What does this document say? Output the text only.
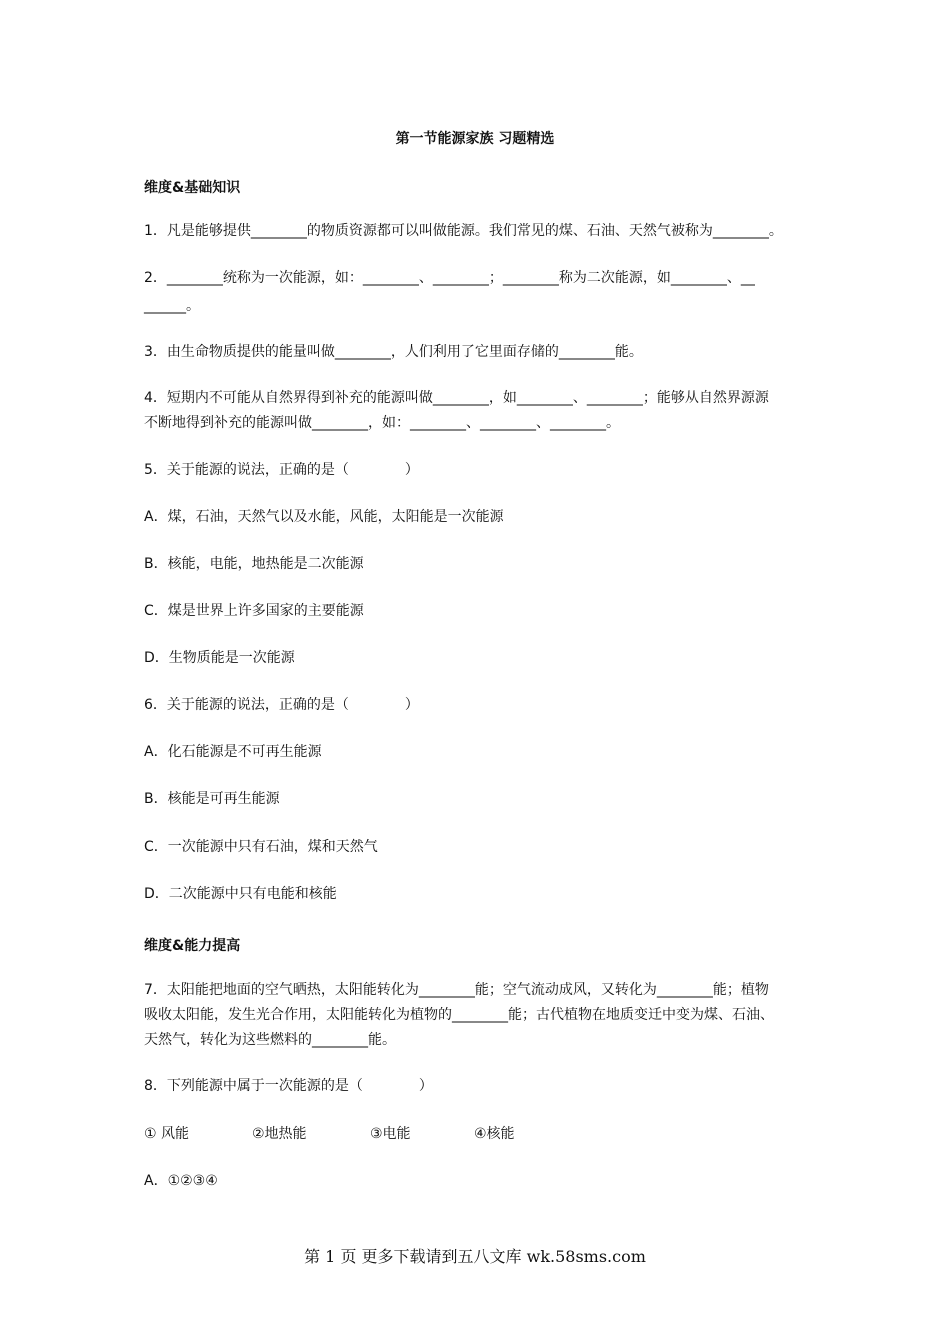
第一节能源家族 习题精选
维度&基础知识
1．凡是能够提供________的物质资源都可以叫做能源。我们常见的煤、石油、天然气被称为________。
2．________统称为一次能源，如：________、________；________称为二次能源，如________、__
______。
3．由生命物质提供的能量叫做________，人们利用了它里面存储的________能。
4．短期内不可能从自然界得到补充的能源叫做________，如________、________；能够从自然界源源
不断地得到补充的能源叫做________，如：________、________、________。
5．关于能源的说法，正确的是（　　　　）
A．煤，石油，天然气以及水能，风能，太阳能是一次能源
B．核能，电能，地热能是二次能源
C．煤是世界上许多国家的主要能源
D．生物质能是一次能源
6．关于能源的说法，正确的是（　　　　）
A．化石能源是不可再生能源
B．核能是可再生能源
C．一次能源中只有石油，煤和天然气
D．二次能源中只有电能和核能
维度&能力提高
7．太阳能把地面的空气晒热，太阳能转化为________能；空气流动成风，又转化为________能；植物
吸收太阳能，发生光合作用，太阳能转化为植物的________能；古代植物在地质变迁中变为煤、石油、
天然气，转化为这些燃料的________能。
8．下列能源中属于一次能源的是（　　　　）
① 风能	②地热能	③电能	④核能
A．①②③④
第 1 页 更多下载请到五八文库 wk.58sms.com
